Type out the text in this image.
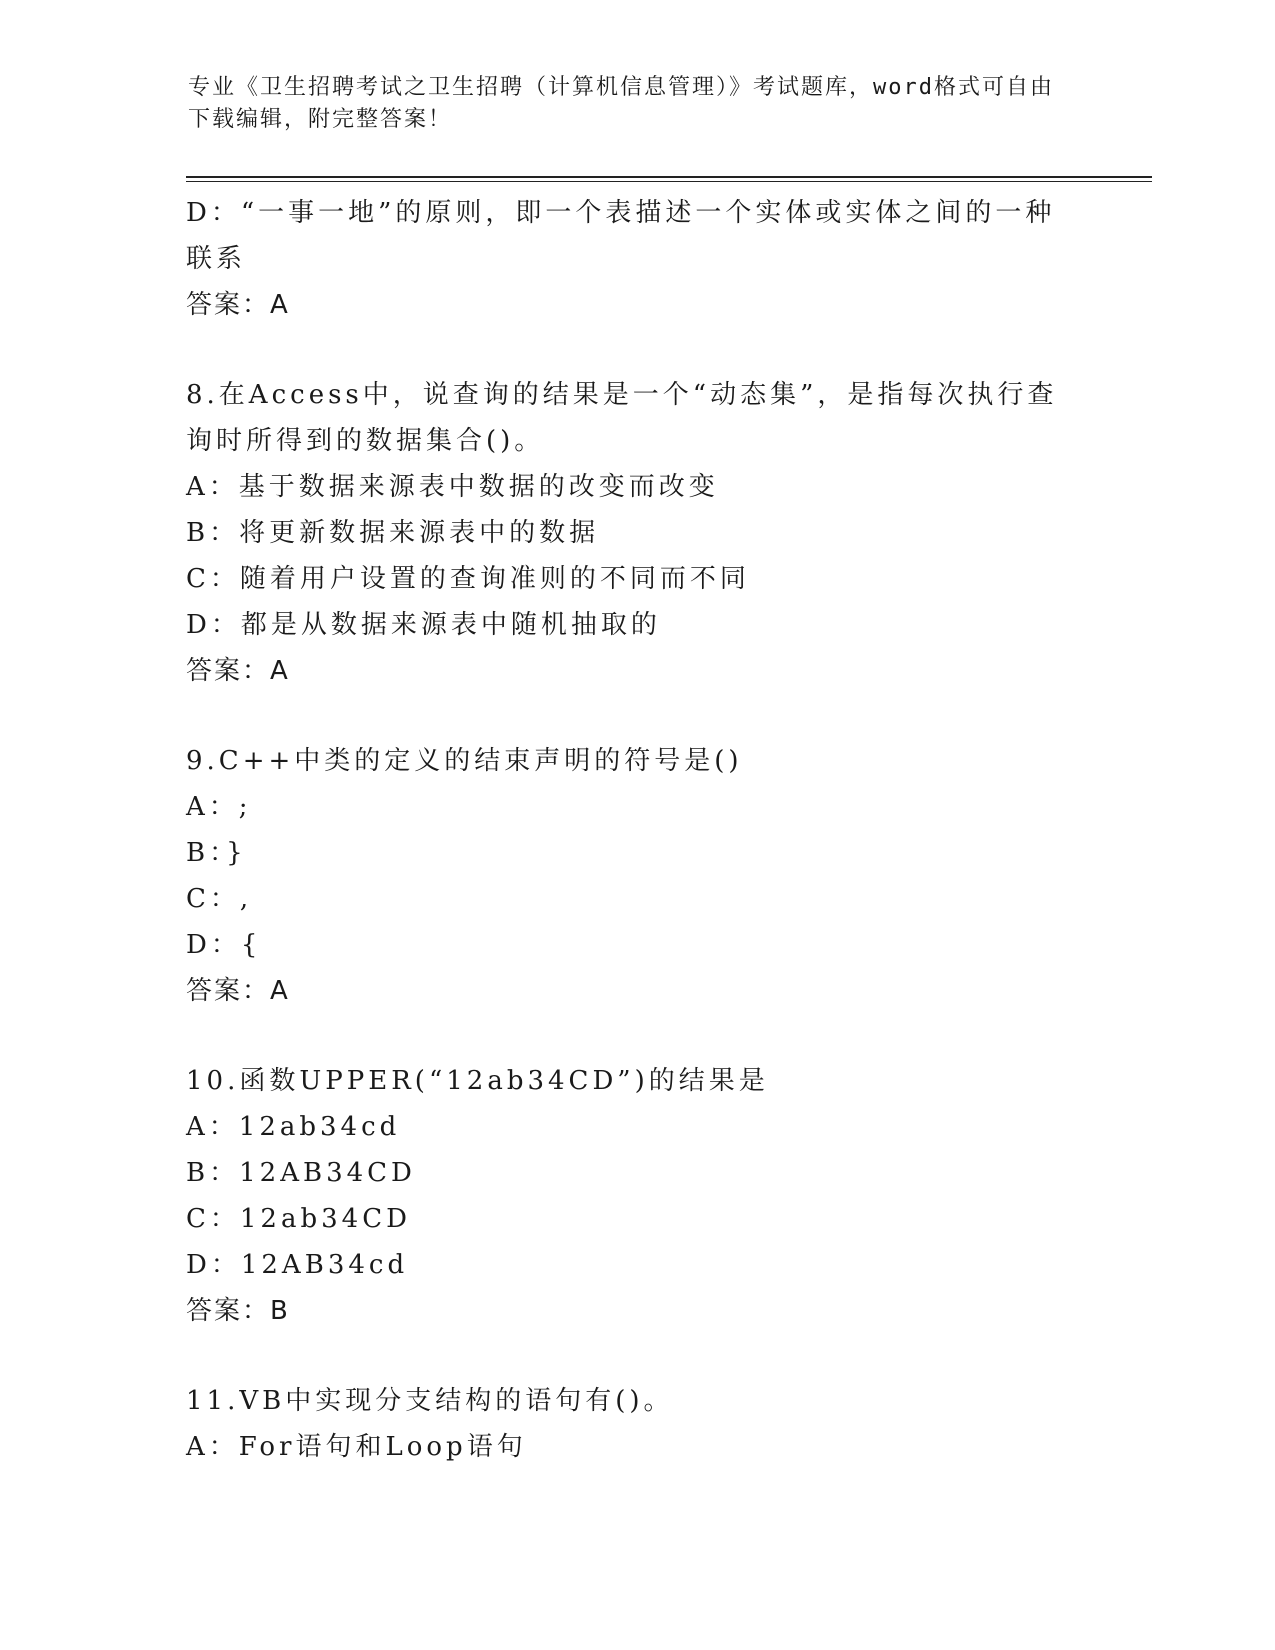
专业《卫生招聘考试之卫生招聘（计算机信息管理）》考试题库，word格式可自由下载编辑，附完整答案！

D：“一事一地”的原则，即一个表描述一个实体或实体之间的一种联系

答案：A

8.在Access中，说查询的结果是一个“动态集”，是指每次执行查询时所得到的数据集合()。

A：基于数据来源表中数据的改变而改变

B：将更新数据来源表中的数据

C：随着用户设置的查询准则的不同而不同

D：都是从数据来源表中随机抽取的

答案：A

9.C++中类的定义的结束声明的符号是()

A：;

B：}

C：,

D：{

答案：A

10.函数UPPER(“12ab34CD”)的结果是

A：12ab34cd

B：12AB34CD

C：12ab34CD

D：12AB34cd

答案：B

11.VB中实现分支结构的语句有()。

A：For语句和Loop语句
